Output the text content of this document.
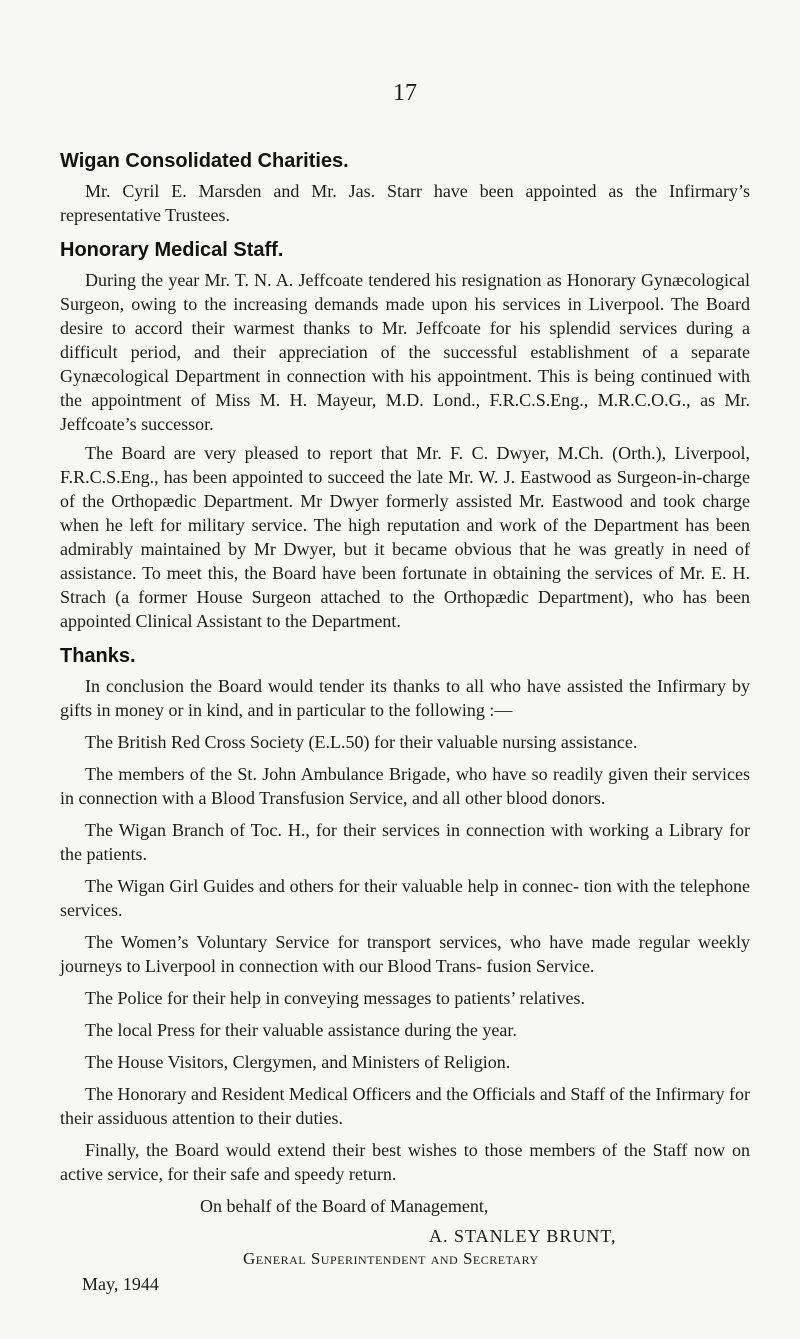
17
Wigan Consolidated Charities.

Mr. Cyril E. Marsden and Mr. Jas. Starr have been appointed as the Infirmary’s representative Trustees.

Honorary Medical Staff.

During the year Mr. T. N. A. Jeffcoate tendered his resignation as Honorary Gynæcological Surgeon, owing to the increasing demands made upon his services in Liverpool. The Board desire to accord their warmest thanks to Mr. Jeffcoate for his splendid services during a difficult period, and their appreciation of the successful establishment of a separate Gynæcological Department in connection with his appointment. This is being continued with the appointment of Miss M. H. Mayeur, M.D. Lond., F.R.C.S.Eng., M.R.C.O.G., as Mr. Jeffcoate’s successor.

The Board are very pleased to report that Mr. F. C. Dwyer, M.Ch. (Orth.), Liverpool, F.R.C.S.Eng., has been appointed to succeed the late Mr. W. J. Eastwood as Surgeon-in-charge of the Orthopædic Department. Mr Dwyer formerly assisted Mr. Eastwood and took charge when he left for military service. The high reputation and work of the Department has been admirably maintained by Mr Dwyer, but it became obvious that he was greatly in need of assistance. To meet this, the Board have been fortunate in obtaining the services of Mr. E. H. Strach (a former House Surgeon attached to the Orthopædic Department), who has been appointed Clinical Assistant to the Department.

Thanks.

In conclusion the Board would tender its thanks to all who have assisted the Infirmary by gifts in money or in kind, and in particular to the following :—

The British Red Cross Society (E.L.50) for their valuable nursing assistance.

The members of the St. John Ambulance Brigade, who have so readily given their services in connection with a Blood Transfusion Service, and all other blood donors.

The Wigan Branch of Toc. H., for their services in connection with working a Library for the patients.

The Wigan Girl Guides and others for their valuable help in connec- tion with the telephone services.

The Women’s Voluntary Service for transport services, who have made regular weekly journeys to Liverpool in connection with our Blood Trans- fusion Service.

The Police for their help in conveying messages to patients’ relatives.

The local Press for their valuable assistance during the year.

The House Visitors, Clergymen, and Ministers of Religion.

The Honorary and Resident Medical Officers and the Officials and Staff of the Infirmary for their assiduous attention to their duties.

Finally, the Board would extend their best wishes to those members of the Staff now on active service, for their safe and speedy return.

On behalf of the Board of Management,

A. STANLEY BRUNT,

General Superintendent and Secretary

May, 1944
